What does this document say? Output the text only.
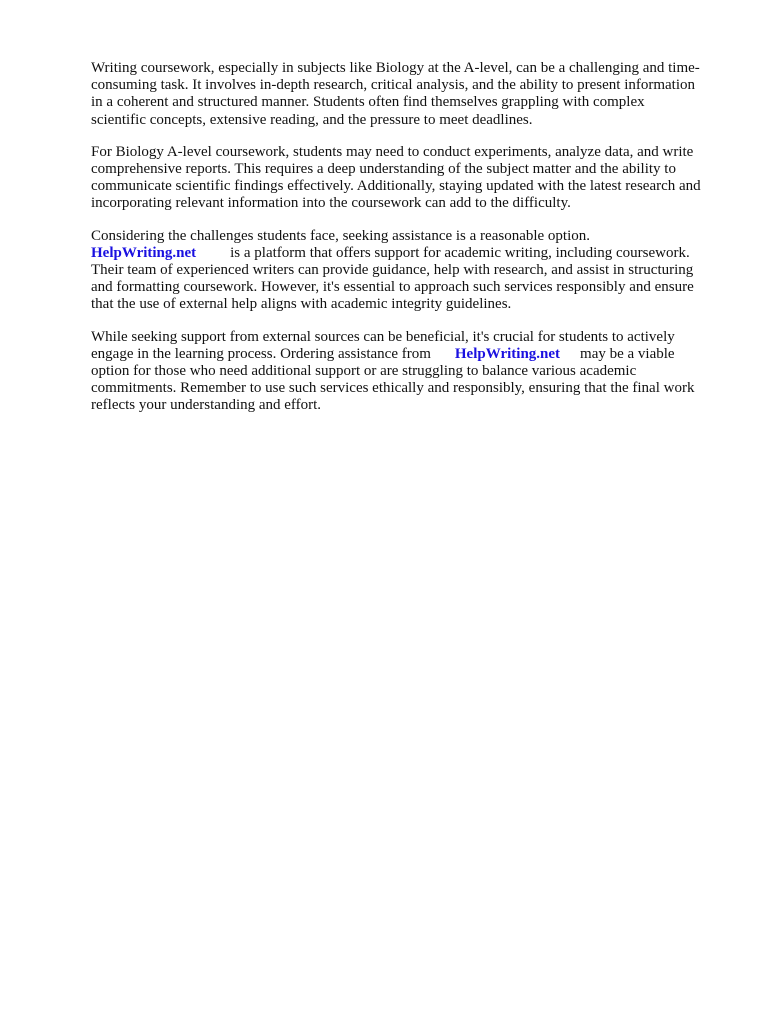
Writing coursework, especially in subjects like Biology at the A-level, can be a challenging and time-
consuming task. It involves in-depth research, critical analysis, and the ability to present information
in a coherent and structured manner. Students often find themselves grappling with complex
scientific concepts, extensive reading, and the pressure to meet deadlines.

For Biology A-level coursework, students may need to conduct experiments, analyze data, and write
comprehensive reports. This requires a deep understanding of the subject matter and the ability to
communicate scientific findings effectively. Additionally, staying updated with the latest research and
incorporating relevant information into the coursework can add to the difficulty.

Considering the challenges students face, seeking assistance is a reasonable option.
HelpWriting.net is a platform that offers support for academic writing, including coursework.
Their team of experienced writers can provide guidance, help with research, and assist in structuring
and formatting coursework. However, it's essential to approach such services responsibly and ensure
that the use of external help aligns with academic integrity guidelines.

While seeking support from external sources can be beneficial, it's crucial for students to actively
engage in the learning process. Ordering assistance from HelpWriting.net may be a viable
option for those who need additional support or are struggling to balance various academic
commitments. Remember to use such services ethically and responsibly, ensuring that the final work
reflects your understanding and effort.
